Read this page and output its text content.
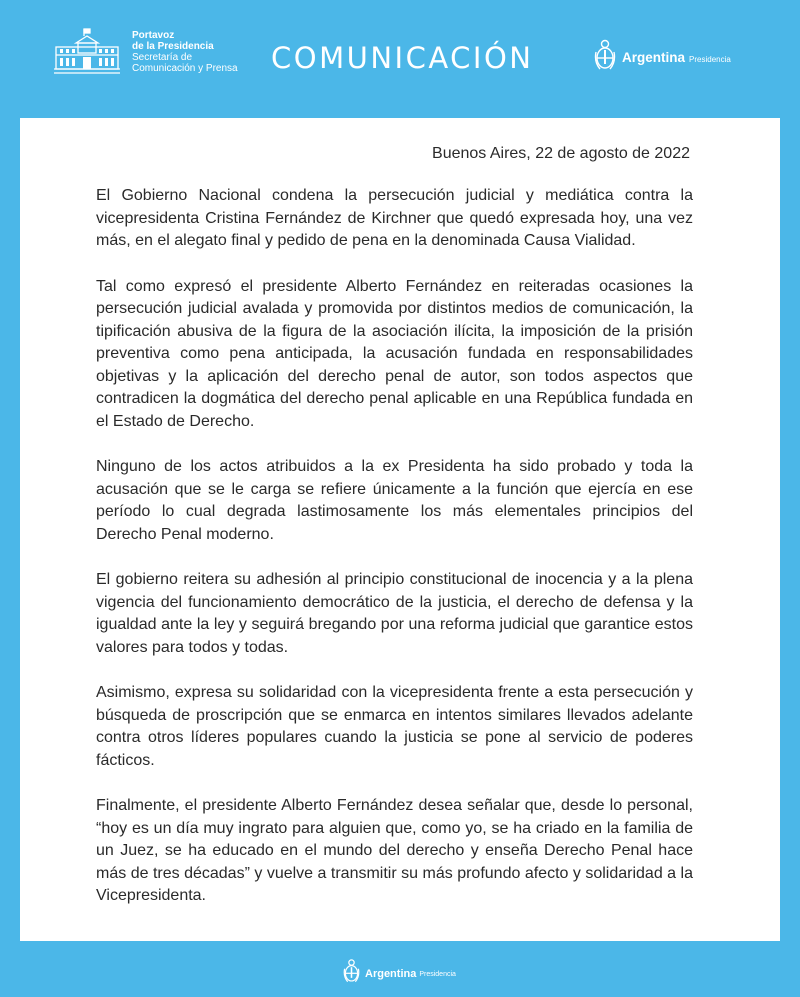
Portavoz
de la Presidencia
Secretaría de
Comunicación y Prensa COMUNICACIÓN	Argentina Presidencia
Buenos Aires, 22 de agosto de 2022

El Gobierno Nacional condena la persecución judicial y mediática contra la vicepresidenta Cristina Fernández de Kirchner que quedó expresada hoy, una vez más, en el alegato final y pedido de pena en la denominada Causa Vialidad.

Tal como expresó el presidente Alberto Fernández en reiteradas ocasiones la persecución judicial avalada y promovida por distintos medios de comunicación, la tipificación abusiva de la figura de la asociación ilícita, la imposición de la prisión preventiva como pena anticipada, la acusación fundada en responsabilidades objetivas y la aplicación del derecho penal de autor, son todos aspectos que contradicen la dogmática del derecho penal aplicable en una República fundada en el Estado de Derecho.

Ninguno de los actos atribuidos a la ex Presidenta ha sido probado y toda la acusación que se le carga se refiere únicamente a la función que ejercía en ese período lo cual degrada lastimosamente los más elementales principios del Derecho Penal moderno.

El gobierno reitera su adhesión al principio constitucional de inocencia y a la plena vigencia del funcionamiento democrático de la justicia, el derecho de defensa y la igualdad ante la ley y seguirá bregando por una reforma judicial que garantice estos valores para todos y todas.

Asimismo, expresa su solidaridad con la vicepresidenta frente a esta persecución y búsqueda de proscripción que se enmarca en intentos similares llevados adelante contra otros líderes populares cuando la justicia se pone al servicio de poderes fácticos.

Finalmente, el presidente Alberto Fernández desea señalar que, desde lo personal, “hoy es un día muy ingrato para alguien que, como yo, se ha criado en la familia de un Juez, se ha educado en el mundo del derecho y enseña Derecho Penal hace más de tres décadas” y vuelve a transmitir su más profundo afecto y solidaridad a la Vicepresidenta.

Argentina Presidencia
